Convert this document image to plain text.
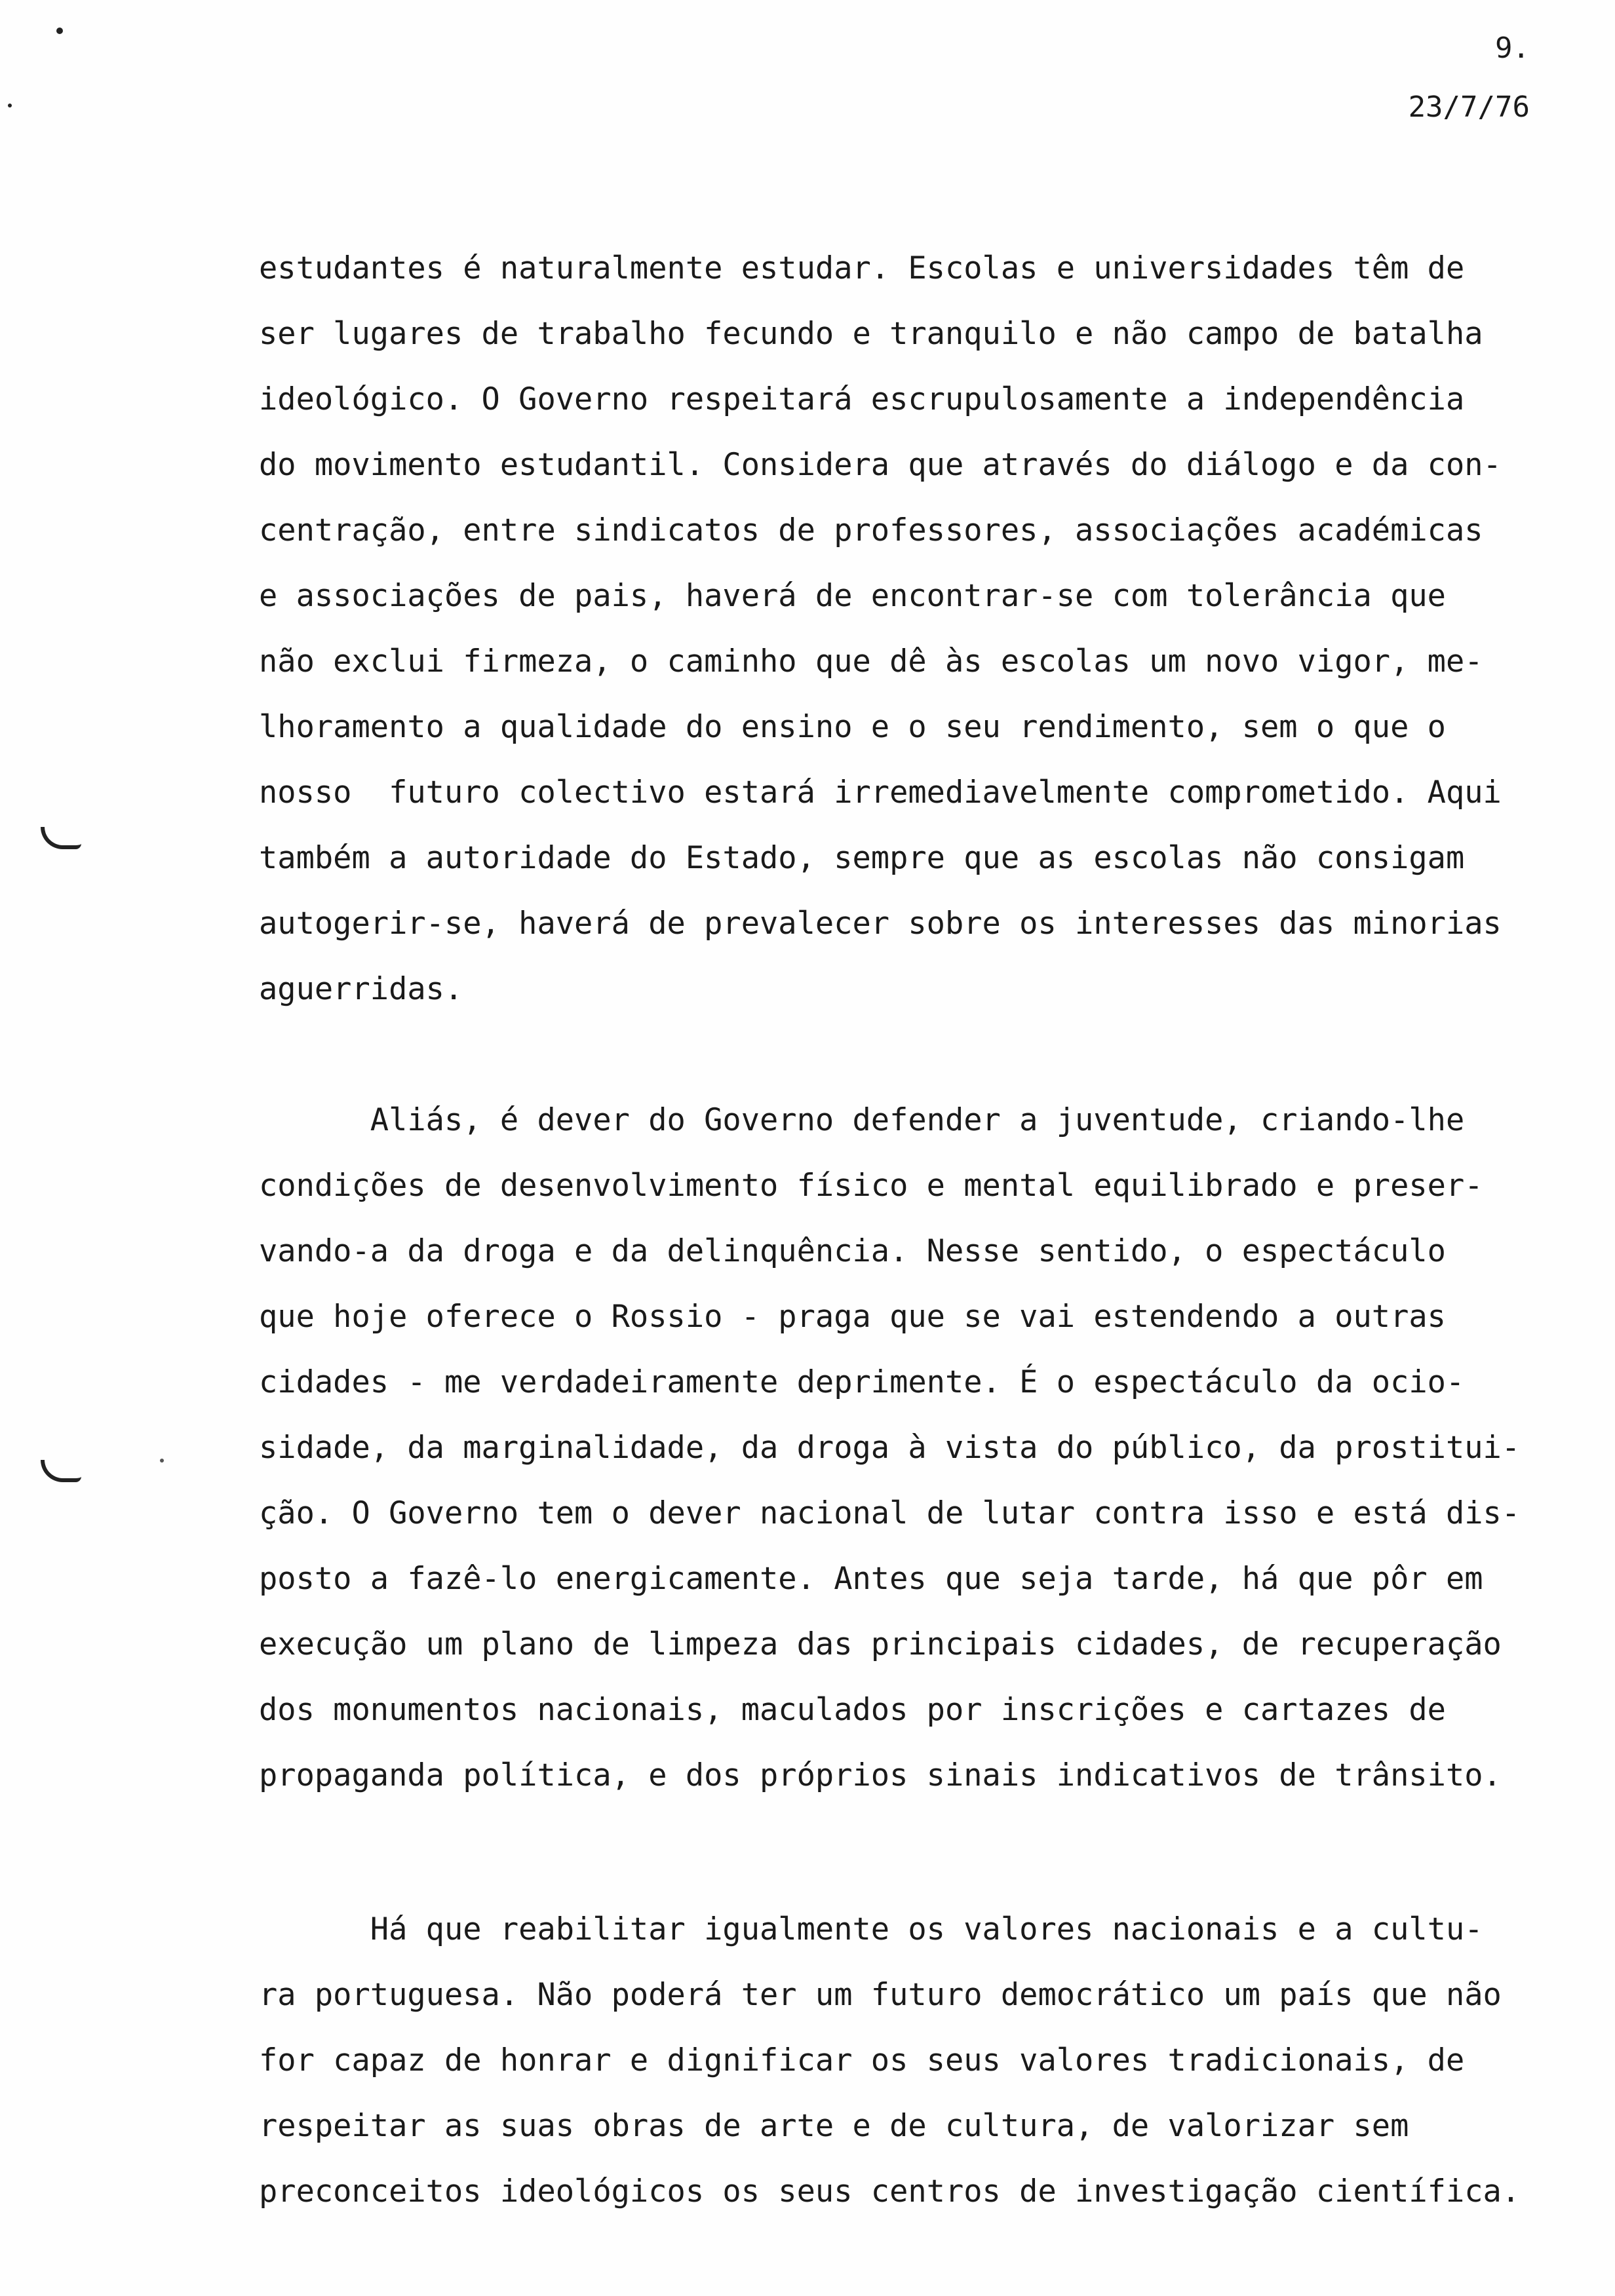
9.
23/7/76
estudantes é naturalmente estudar. Escolas e universidades têm de
ser lugares de trabalho fecundo e tranquilo e não campo de batalha
ideológico. O Governo respeitará escrupulosamente a independência
do movimento estudantil. Considera que através do diálogo e da con-
centração, entre sindicatos de professores, associações académicas
e associações de pais, haverá de encontrar-se com tolerância que
não exclui firmeza, o caminho que dê às escolas um novo vigor, me-
lhoramento a qualidade do ensino e o seu rendimento, sem o que o
nosso  futuro colectivo estará irremediavelmente comprometido. Aqui
também a autoridade do Estado, sempre que as escolas não consigam
autogerir-se, haverá de prevalecer sobre os interesses das minorias
aguerridas.
Aliás, é dever do Governo defender a juventude, criando-lhe
condições de desenvolvimento físico e mental equilibrado e preser-
vando-a da droga e da delinquência. Nesse sentido, o espectáculo
que hoje oferece o Rossio - praga que se vai estendendo a outras
cidades - me verdadeiramente deprimente. É o espectáculo da ocio-
sidade, da marginalidade, da droga à vista do público, da prostitui-
ção. O Governo tem o dever nacional de lutar contra isso e está dis-
posto a fazê-lo energicamente. Antes que seja tarde, há que pôr em
execução um plano de limpeza das principais cidades, de recuperação
dos monumentos nacionais, maculados por inscrições e cartazes de
propaganda política, e dos próprios sinais indicativos de trânsito.
Há que reabilitar igualmente os valores nacionais e a cultu-
ra portuguesa. Não poderá ter um futuro democrático um país que não
for capaz de honrar e dignificar os seus valores tradicionais, de
respeitar as suas obras de arte e de cultura, de valorizar sem
preconceitos ideológicos os seus centros de investigação científica.
